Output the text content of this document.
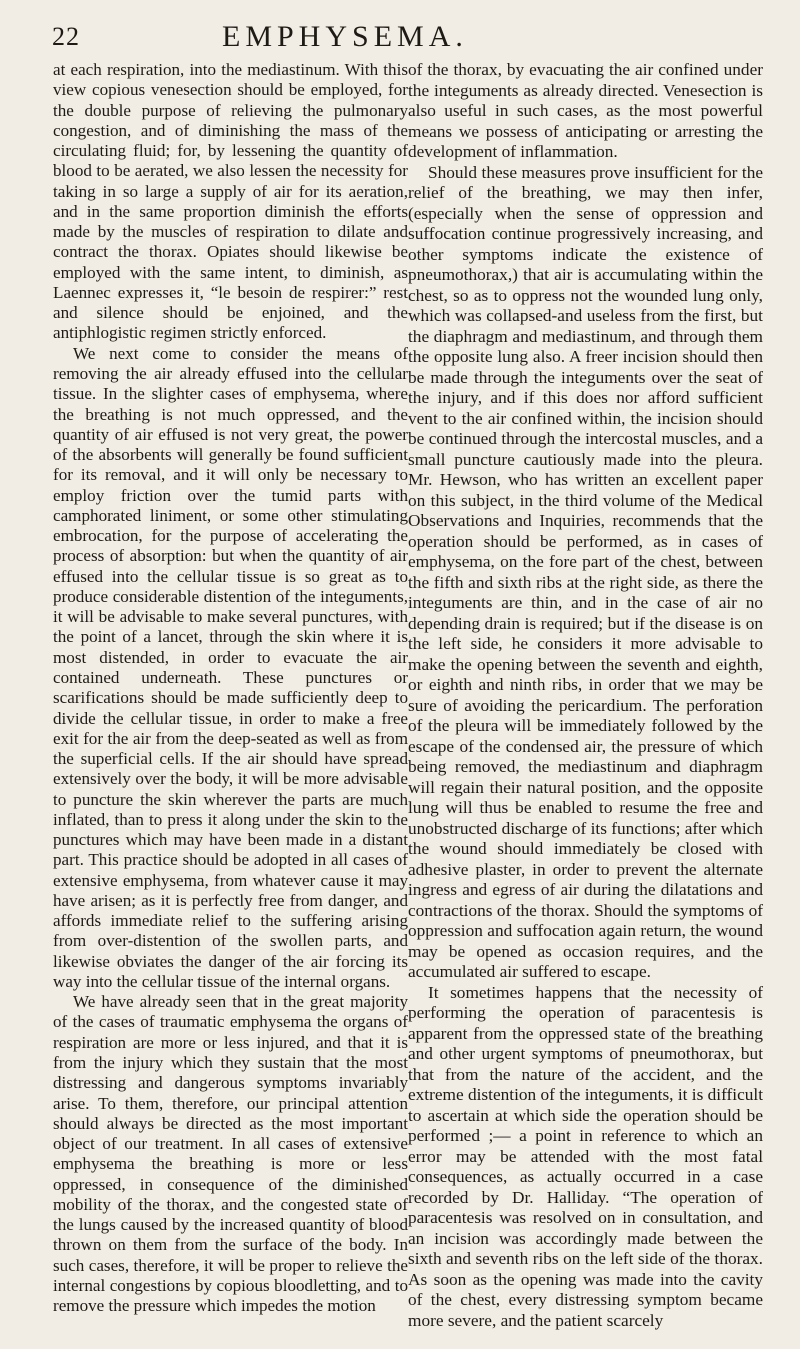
22	EMPHYSEMA.

at each respiration, into the mediastinum. With this view copious venesection should be employed, for the double purpose of relieving the pulmonary congestion, and of diminishing the mass of the circulating fluid; for, by lessening the quantity of blood to be aerated, we also lessen the necessity for taking in so large a supply of air for its aeration, and in the same proportion diminish the efforts made by the muscles of respiration to dilate and contract the thorax. Opiates should likewise be employed with the same intent, to diminish, as Laennec expresses it, “le besoin de respirer:” rest and silence should be enjoined, and the antiphlogistic regimen strictly enforced.

We next come to consider the means of removing the air already effused into the cellular tissue. In the slighter cases of emphysema, where the breathing is not much oppressed, and the quantity of air effused is not very great, the power of the absorbents will generally be found sufficient for its removal, and it will only be necessary to employ friction over the tumid parts with camphorated liniment, or some other stimulating embrocation, for the purpose of accelerating the process of absorption: but when the quantity of air effused into the cellular tissue is so great as to produce considerable distention of the integuments, it will be advisable to make several punctures, with the point of a lancet, through the skin where it is most distended, in order to evacuate the air contained underneath. These punctures or scarifications should be made sufficiently deep to divide the cellular tissue, in order to make a free exit for the air from the deep-seated as well as from the superficial cells. If the air should have spread extensively over the body, it will be more advisable to puncture the skin wherever the parts are much inflated, than to press it along under the skin to the punctures which may have been made in a distant part. This practice should be adopted in all cases of extensive emphysema, from whatever cause it may have arisen; as it is perfectly free from danger, and affords immediate relief to the suffering arising from over-distention of the swollen parts, and likewise obviates the danger of the air forcing its way into the cellular tissue of the internal organs.

We have already seen that in the great majority of the cases of traumatic emphysema the organs of respiration are more or less injured, and that it is from the injury which they sustain that the most distressing and dangerous symptoms invariably arise. To them, therefore, our principal attention should always be directed as the most important object of our treatment. In all cases of extensive emphysema the breathing is more or less oppressed, in consequence of the diminished mobility of the thorax, and the congested state of the lungs caused by the increased quantity of blood thrown on them from the surface of the body. In such cases, therefore, it will be proper to relieve the internal congestions by copious bloodletting, and to remove the pressure which impedes the motion

of the thorax, by evacuating the air confined under the integuments as already directed. Venesection is also useful in such cases, as the most powerful means we possess of anticipating or arresting the development of inflammation.

Should these measures prove insufficient for the relief of the breathing, we may then infer, (especially when the sense of oppression and suffocation continue progressively increasing, and other symptoms indicate the existence of pneumothorax,) that air is accumulating within the chest, so as to oppress not the wounded lung only, which was collapsed-and useless from the first, but the diaphragm and mediastinum, and through them the opposite lung also. A freer incision should then be made through the integuments over the seat of the injury, and if this does nor afford sufficient vent to the air confined within, the incision should be continued through the intercostal muscles, and a small puncture cautiously made into the pleura. Mr. Hewson, who has written an excellent paper on this subject, in the third volume of the Medical Observations and Inquiries, recommends that the operation should be performed, as in cases of emphysema, on the fore part of the chest, between the fifth and sixth ribs at the right side, as there the integuments are thin, and in the case of air no depending drain is required; but if the disease is on the left side, he considers it more advisable to make the opening between the seventh and eighth, or eighth and ninth ribs, in order that we may be sure of avoiding the pericardium. The perforation of the pleura will be immediately followed by the escape of the condensed air, the pressure of which being removed, the mediastinum and diaphragm will regain their natural position, and the opposite lung will thus be enabled to resume the free and unobstructed discharge of its functions; after which the wound should immediately be closed with adhesive plaster, in order to prevent the alternate ingress and egress of air during the dilatations and contractions of the thorax. Should the symptoms of oppression and suffocation again return, the wound may be opened as occasion requires, and the accumulated air suffered to escape.

It sometimes happens that the necessity of performing the operation of paracentesis is apparent from the oppressed state of the breathing and other urgent symptoms of pneumothorax, but that from the nature of the accident, and the extreme distention of the integuments, it is difficult to ascertain at which side the operation should be performed ;— a point in reference to which an error may be attended with the most fatal consequences, as actually occurred in a case recorded by Dr. Halliday. “The operation of paracentesis was resolved on in consultation, and an incision was accordingly made between the sixth and seventh ribs on the left side of the thorax. As soon as the opening was made into the cavity of the chest, every distressing symptom became more severe, and the patient scarcely
